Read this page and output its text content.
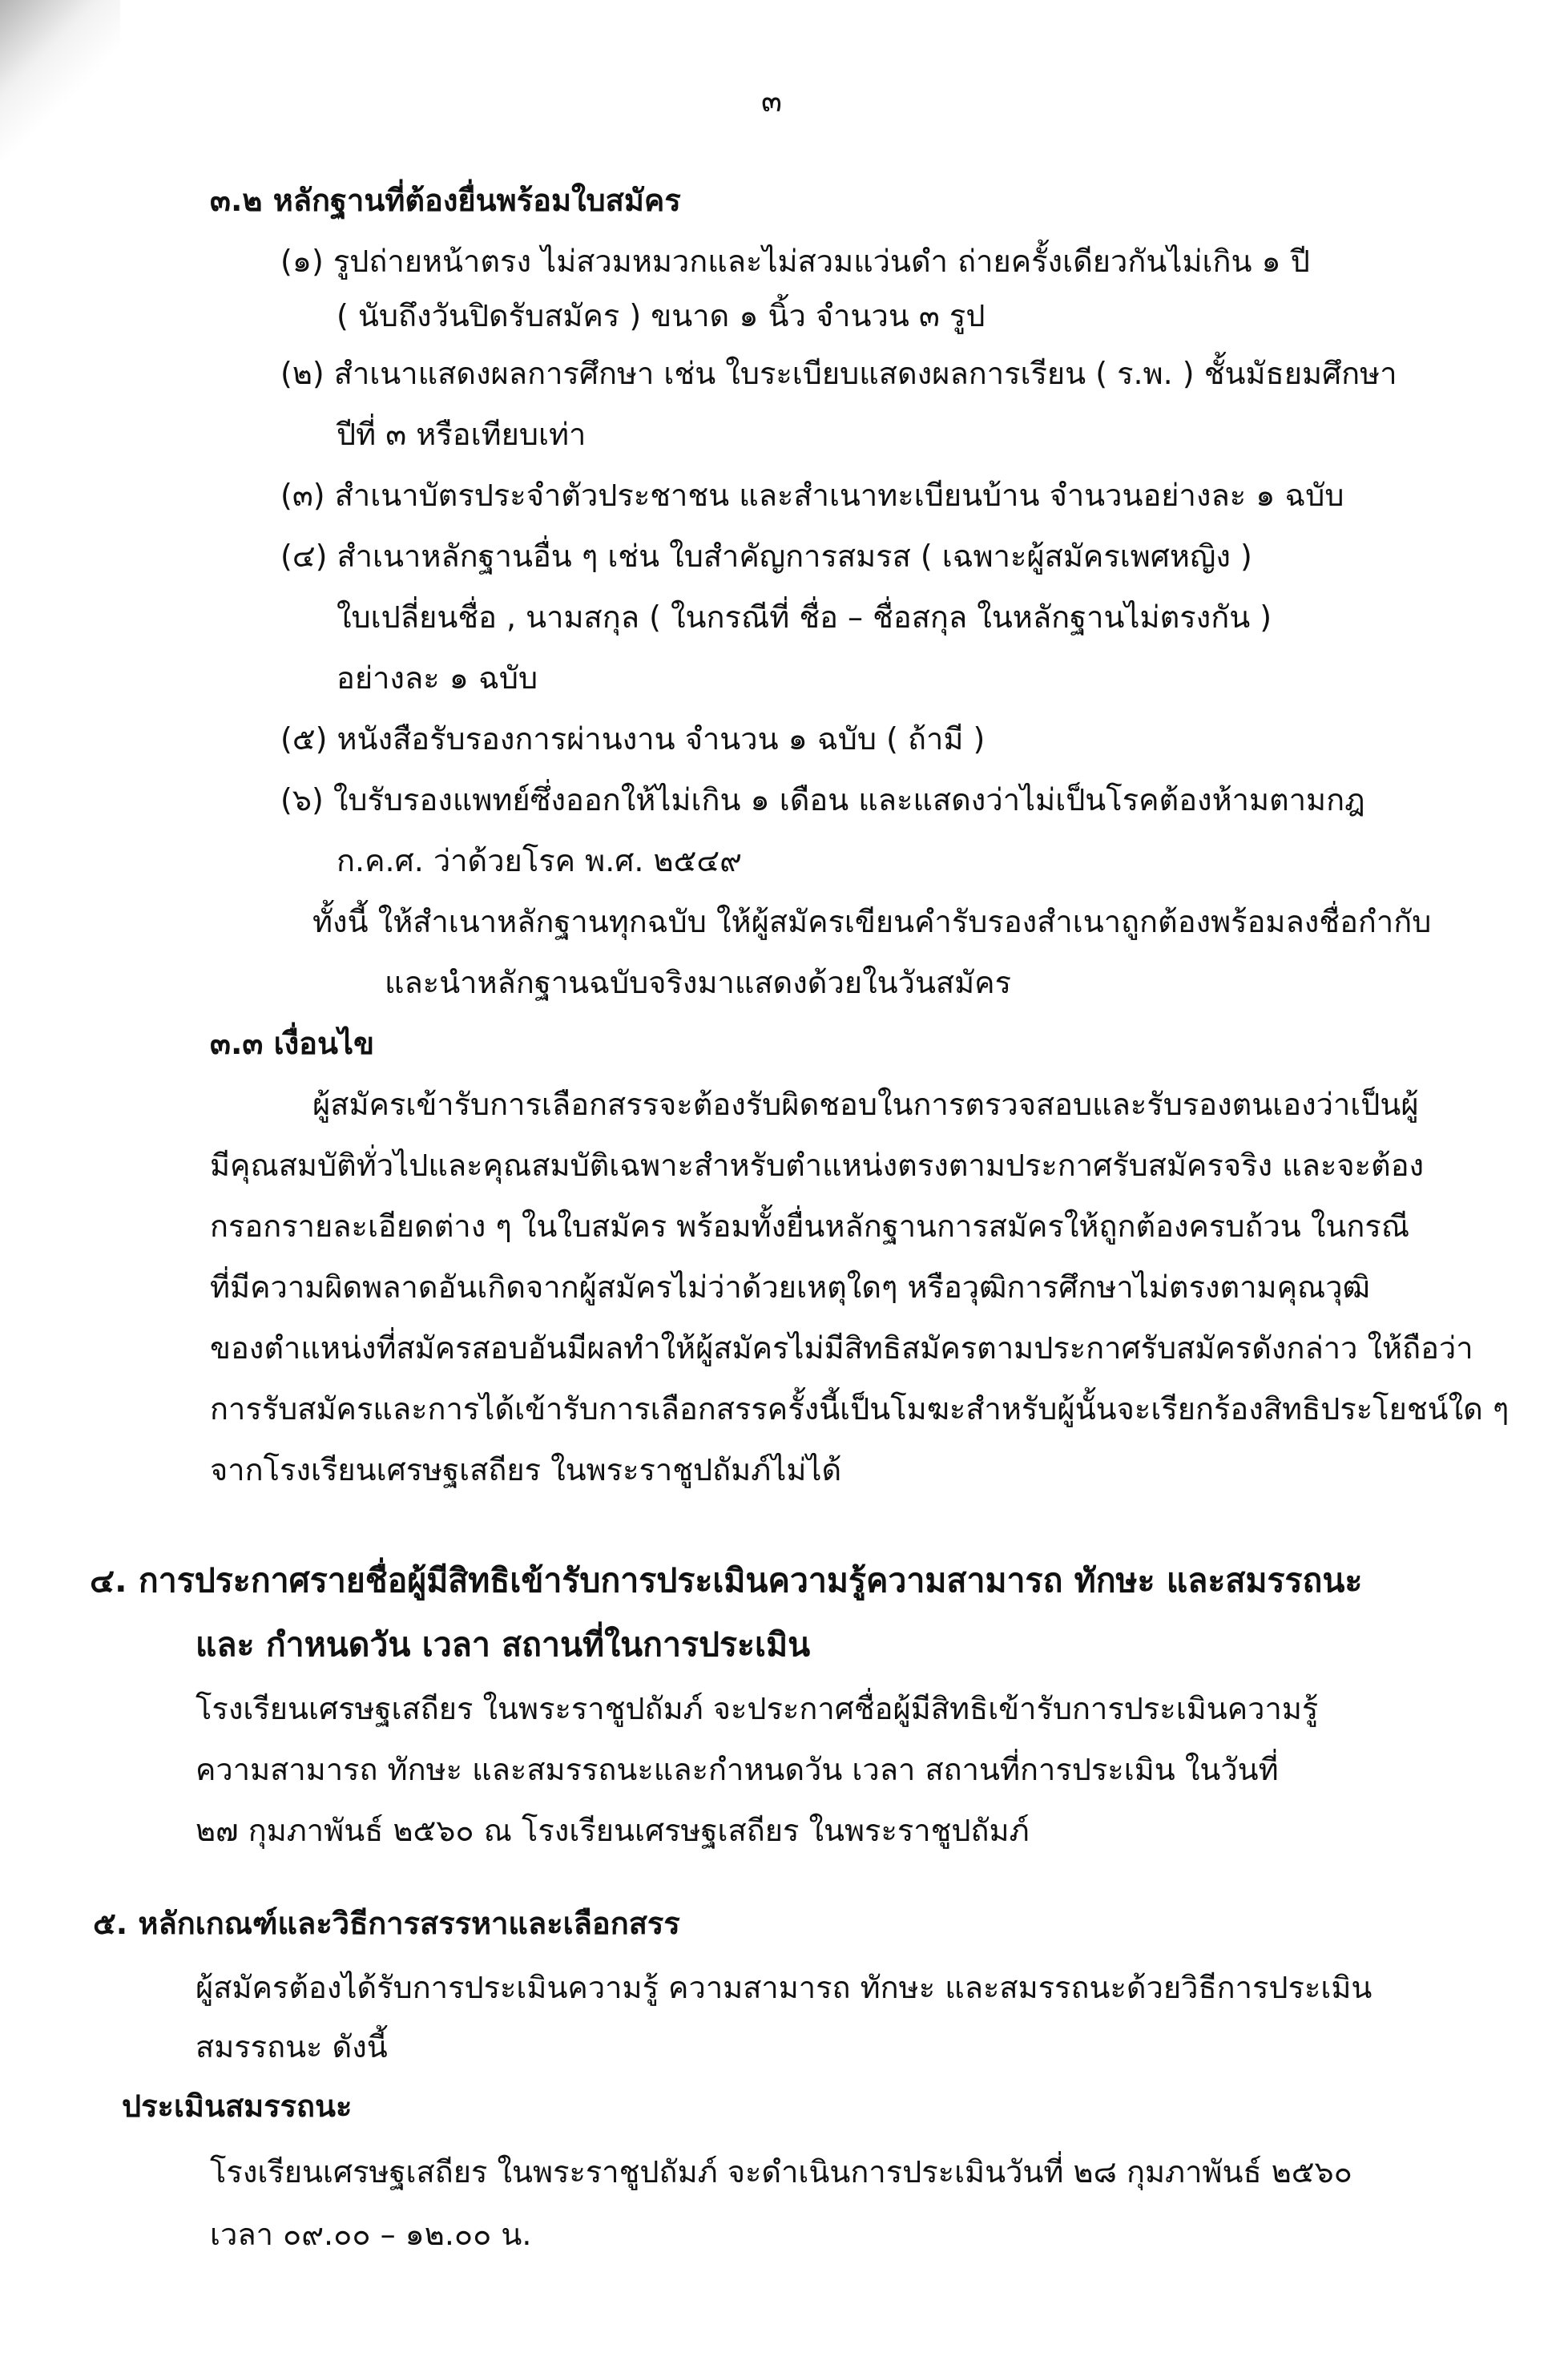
๓
๓.๒ หลักฐานที่ต้องยื่นพร้อมใบสมัคร
(๑) รูปถ่ายหน้าตรง ไม่สวมหมวกและไม่สวมแว่นดำ ถ่ายครั้งเดียวกันไม่เกิน ๑ ปี
( นับถึงวันปิดรับสมัคร ) ขนาด ๑ นิ้ว จำนวน ๓ รูป
(๒) สำเนาแสดงผลการศึกษา เช่น ใบระเบียบแสดงผลการเรียน ( ร.พ. ) ชั้นมัธยมศึกษา
ปีที่ ๓ หรือเทียบเท่า
(๓) สำเนาบัตรประจำตัวประชาชน และสำเนาทะเบียนบ้าน จำนวนอย่างละ ๑ ฉบับ
(๔) สำเนาหลักฐานอื่น ๆ เช่น ใบสำคัญการสมรส ( เฉพาะผู้สมัครเพศหญิง )
ใบเปลี่ยนชื่อ , นามสกุล ( ในกรณีที่ ชื่อ – ชื่อสกุล ในหลักฐานไม่ตรงกัน )
อย่างละ ๑ ฉบับ
(๕) หนังสือรับรองการผ่านงาน จำนวน ๑ ฉบับ ( ถ้ามี )
(๖) ใบรับรองแพทย์ซึ่งออกให้ไม่เกิน ๑ เดือน และแสดงว่าไม่เป็นโรคต้องห้ามตามกฎ
ก.ค.ศ. ว่าด้วยโรค พ.ศ. ๒๕๔๙
ทั้งนี้ ให้สำเนาหลักฐานทุกฉบับ ให้ผู้สมัครเขียนคำรับรองสำเนาถูกต้องพร้อมลงชื่อกำกับ
และนำหลักฐานฉบับจริงมาแสดงด้วยในวันสมัคร
๓.๓ เงื่อนไข
ผู้สมัครเข้ารับการเลือกสรรจะต้องรับผิดชอบในการตรวจสอบและรับรองตนเองว่าเป็นผู้
มีคุณสมบัติทั่วไปและคุณสมบัติเฉพาะสำหรับตำแหน่งตรงตามประกาศรับสมัครจริง และจะต้อง
กรอกรายละเอียดต่าง ๆ ในใบสมัคร พร้อมทั้งยื่นหลักฐานการสมัครให้ถูกต้องครบถ้วน ในกรณี
ที่มีความผิดพลาดอันเกิดจากผู้สมัครไม่ว่าด้วยเหตุใดๆ หรือวุฒิการศึกษาไม่ตรงตามคุณวุฒิ
ของตำแหน่งที่สมัครสอบอันมีผลทำให้ผู้สมัครไม่มีสิทธิสมัครตามประกาศรับสมัครดังกล่าว ให้ถือว่า
การรับสมัครและการได้เข้ารับการเลือกสรรครั้งนี้เป็นโมฆะสำหรับผู้นั้นจะเรียกร้องสิทธิประโยชน์ใด ๆ
จากโรงเรียนเศรษฐเสถียร ในพระราชูปถัมภ์ไม่ได้
๔. การประกาศรายชื่อผู้มีสิทธิเข้ารับการประเมินความรู้ความสามารถ ทักษะ และสมรรถนะ
และ กำหนดวัน เวลา สถานที่ในการประเมิน
โรงเรียนเศรษฐเสถียร ในพระราชูปถัมภ์ จะประกาศชื่อผู้มีสิทธิเข้ารับการประเมินความรู้
ความสามารถ ทักษะ และสมรรถนะและกำหนดวัน เวลา สถานที่การประเมิน ในวันที่
๒๗ กุมภาพันธ์ ๒๕๖๐ ณ โรงเรียนเศรษฐเสถียร ในพระราชูปถัมภ์
๕. หลักเกณฑ์และวิธีการสรรหาและเลือกสรร
ผู้สมัครต้องได้รับการประเมินความรู้ ความสามารถ ทักษะ และสมรรถนะด้วยวิธีการประเมิน
สมรรถนะ ดังนี้
ประเมินสมรรถนะ
โรงเรียนเศรษฐเสถียร ในพระราชูปถัมภ์ จะดำเนินการประเมินวันที่ ๒๘ กุมภาพันธ์ ๒๕๖๐
เวลา ๐๙.๐๐ – ๑๒.๐๐ น.
